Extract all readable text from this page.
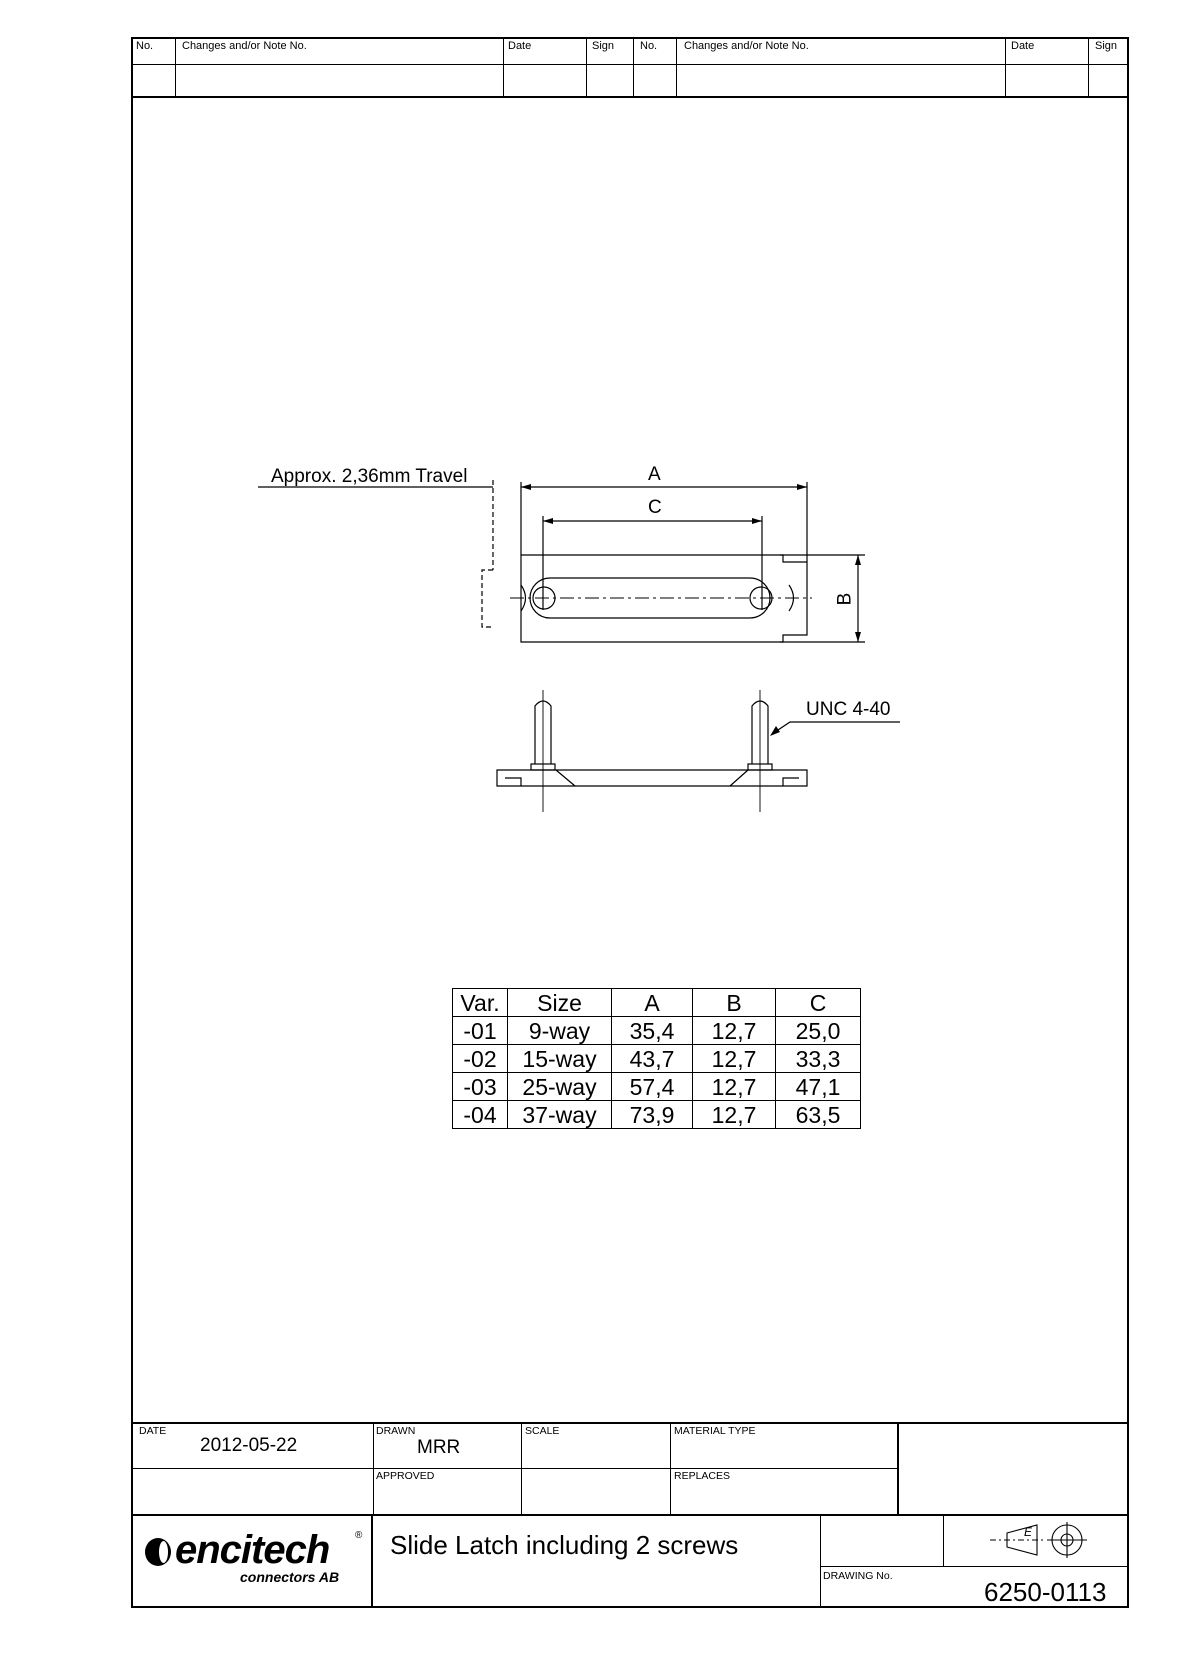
No.	Changes and/or Note No.	Date	Sign No. Changes and/or Note No.	Date	Sign
Approx. 2,36mm Travel	A
C
B
UNC 4-40
Var.	Size	A	B	C
-01	9-way	35,4	12,7	25,0
-02	15-way	43,7	12,7	33,3
-03	25-way	57,4	12,7	47,1
-04	37-way	73,9	12,7	63,5
DATE
2012-05-22
DRAWN
MRR
SCALE	MATERIAL TYPE
APPROVED	REPLACES
Slide Latch including 2 screws
DRAWING No.
6250-0113
E
encitech	®
connectors AB
